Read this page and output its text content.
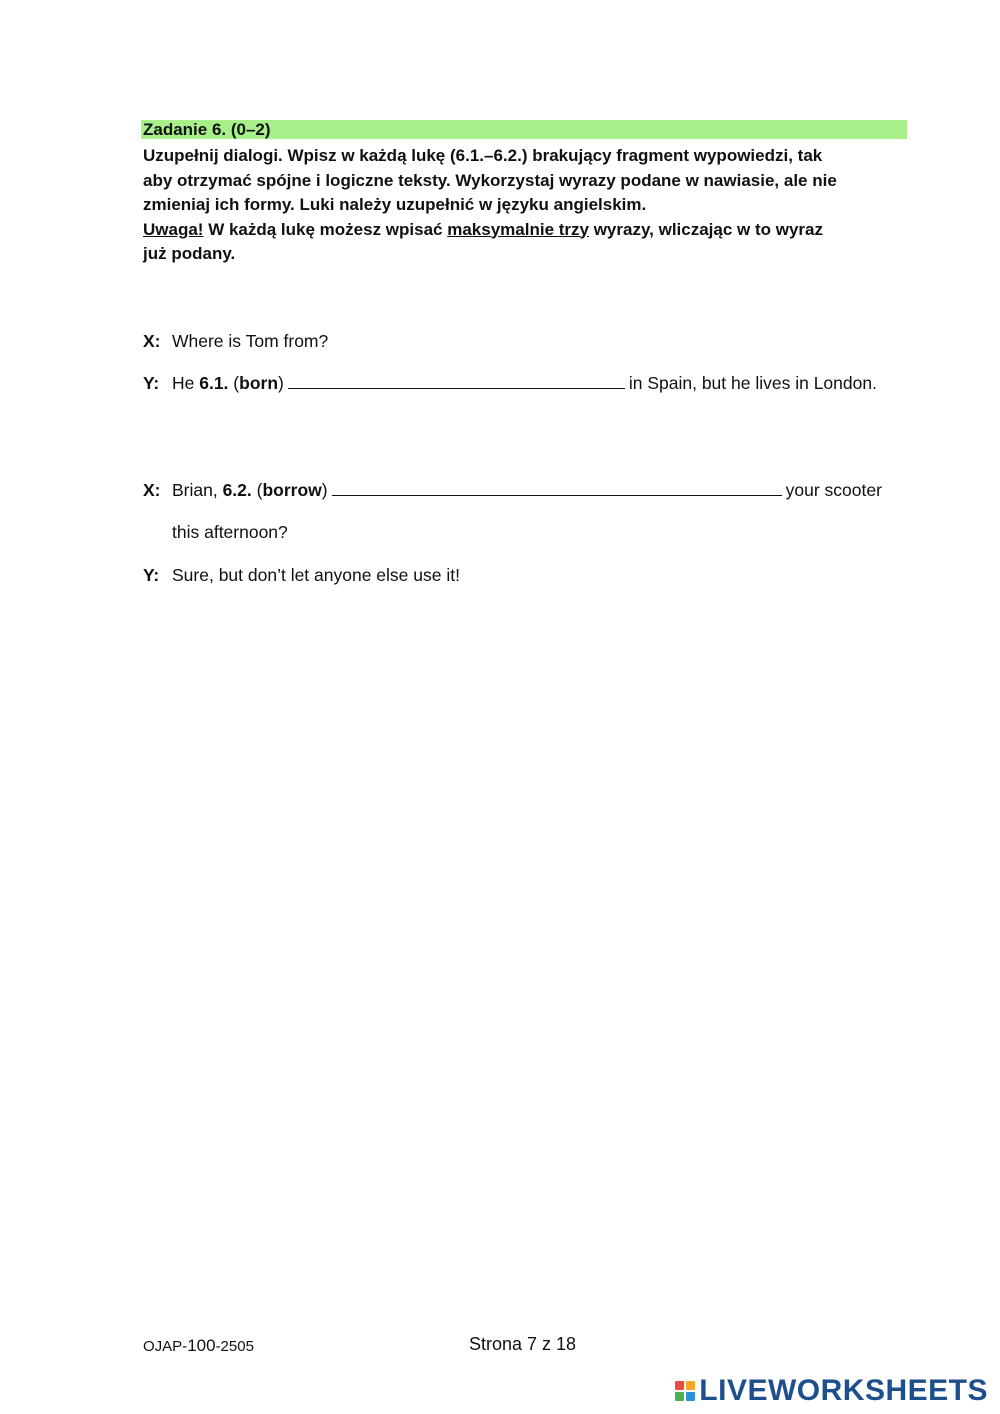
Zadanie 6. (0–2)

Uzupełnij dialogi. Wpisz w każdą lukę (6.1.–6.2.) brakujący fragment wypowiedzi, tak

aby otrzymać spójne i logiczne teksty. Wykorzystaj wyrazy podane w nawiasie, ale nie

zmieniaj ich formy. Luki należy uzupełnić w języku angielskim.

Uwaga! W każdą lukę możesz wpisać maksymalnie trzy wyrazy, wliczając w to wyraz

już podany.

X: Where is Tom from?
Y: He 6.1. (born)	in Spain, but he lives in London.
X: Brian, 6.2. (borrow)	your scooter
this afternoon?
Y: Sure, but don’t let anyone else use it!
OJAP-100-2505	Strona 7 z 18
LIVEWORKSHEETS
